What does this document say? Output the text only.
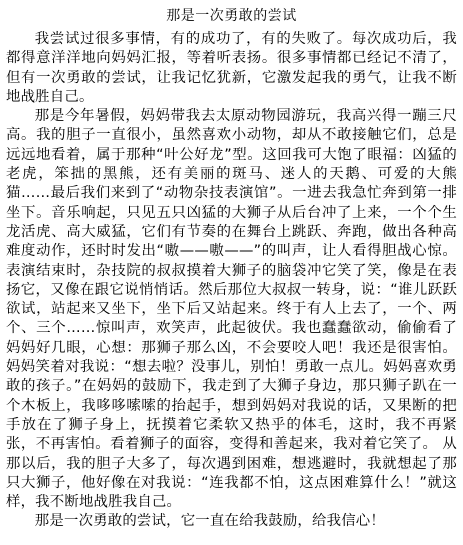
那是一次勇敢的尝试

我尝试过很多事情，有的成功了，有的失败了。每次成功后，我都得意洋洋地向妈妈汇报，等着听表扬。很多事情都已经记不清了，但有一次勇敢的尝试，让我记忆犹新，它激发起我的勇气，让我不断地战胜自己。

那是今年暑假，妈妈带我去太原动物园游玩，我高兴得一蹦三尺高。我的胆子一直很小，虽然喜欢小动物，却从不敢接触它们，总是远远地看着，属于那种“叶公好龙”型。这回我可大饱了眼福：凶猛的老虎，笨拙的黑熊，还有美丽的斑马、迷人的天鹅、可爱的大熊猫……最后我们来到了“动物杂技表演馆”。一进去我急忙奔到第一排坐下。音乐响起，只见五只凶猛的大狮子从后台冲了上来，一个个生龙活虎、高大威猛，它们有节奏的在舞台上跳跃、奔跑，做出各种高难度动作，还时时发出“嗷——嗷——”的叫声，让人看得胆战心惊。表演结束时，杂技院的叔叔摸着大狮子的脑袋冲它笑了笑，像是在表扬它，又像在跟它说悄悄话。然后那位大叔叔一转身，说：“谁儿跃跃欲试，站起来又坐下，坐下后又站起来。终于有人上去了，一个、两个、三个……惊叫声，欢笑声，此起彼伏。我也蠢蠢欲动，偷偷看了妈妈好几眼，心想：那狮子那么凶，不会要咬人吧！我还是很害怕。妈妈笑着对我说：“想去啦？没事儿，别怕！勇敢一点儿。妈妈喜欢勇敢的孩子。”在妈妈的鼓励下，我走到了大狮子身边，那只狮子趴在一个木板上，我哆哆嗦嗦的抬起手，想到妈妈对我说的话，又果断的把手放在了狮子身上，抚摸着它柔软又热乎的体毛，这时，我不再紧张，不再害怕。看着狮子的面容，变得和善起来，我对着它笑了。 从那以后，我的胆子大多了，每次遇到困难，想逃避时，我就想起了那只大狮子，他好像在对我说：“连我都不怕，这点困难算什么！”就这样，我不断地战胜我自己。

那是一次勇敢的尝试，它一直在给我鼓励，给我信心！
